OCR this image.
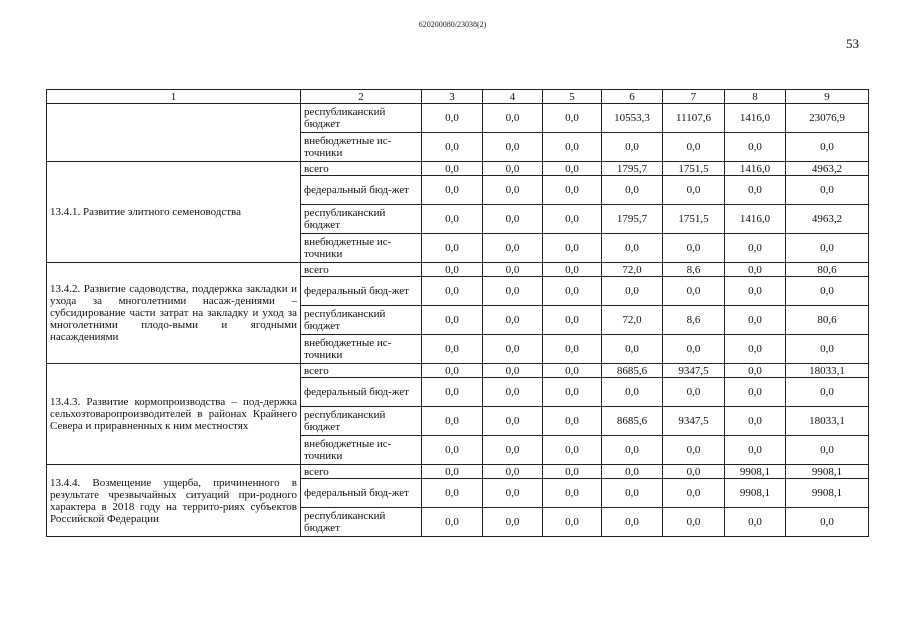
620200080/23038(2)
53
1	2	3	4	5	6	7	8	9
	республиканский бюджет	0,0	0,0	0,0	10553,3	11107,6	1416,0	23076,9
	внебюджетные ис-точники	0,0	0,0	0,0	0,0	0,0	0,0	0,0
13.4.1. Развитие элитного семеноводства	всего	0,0	0,0	0,0	1795,7	1751,5	1416,0	4963,2
	федеральный бюд-жет	0,0	0,0	0,0	0,0	0,0	0,0	0,0
	республиканский бюджет	0,0	0,0	0,0	1795,7	1751,5	1416,0	4963,2
	внебюджетные ис-точники	0,0	0,0	0,0	0,0	0,0	0,0	0,0
13.4.2. Развитие садоводства, поддержка закладки и ухода за многолетними насаж-дениями – субсидирование части затрат на закладку и уход за многолетними плодо-выми и ягодными насаждениями	всего	0,0	0,0	0,0	72,0	8,6	0,0	80,6
	федеральный бюд-жет	0,0	0,0	0,0	0,0	0,0	0,0	0,0
	республиканский бюджет	0,0	0,0	0,0	72,0	8,6	0,0	80,6
	внебюджетные ис-точники	0,0	0,0	0,0	0,0	0,0	0,0	0,0
13.4.3. Развитие кормопроизводства – под-держка сельхозтоваропроизводителей в районах Крайнего Севера и приравненных к ним местностях	всего	0,0	0,0	0,0	8685,6	9347,5	0,0	18033,1
	федеральный бюд-жет	0,0	0,0	0,0	0,0	0,0	0,0	0,0
	республиканский бюджет	0,0	0,0	0,0	8685,6	9347,5	0,0	18033,1
	внебюджетные ис-точники	0,0	0,0	0,0	0,0	0,0	0,0	0,0
13.4.4. Возмещение ущерба, причиненного в результате чрезвычайных ситуаций при-родного характера в 2018 году на террито-риях субъектов Российской Федерации	всего	0,0	0,0	0,0	0,0	0,0	9908,1	9908,1
	федеральный бюд-жет	0,0	0,0	0,0	0,0	0,0	9908,1	9908,1
	республиканский бюджет	0,0	0,0	0,0	0,0	0,0	0,0	0,0
